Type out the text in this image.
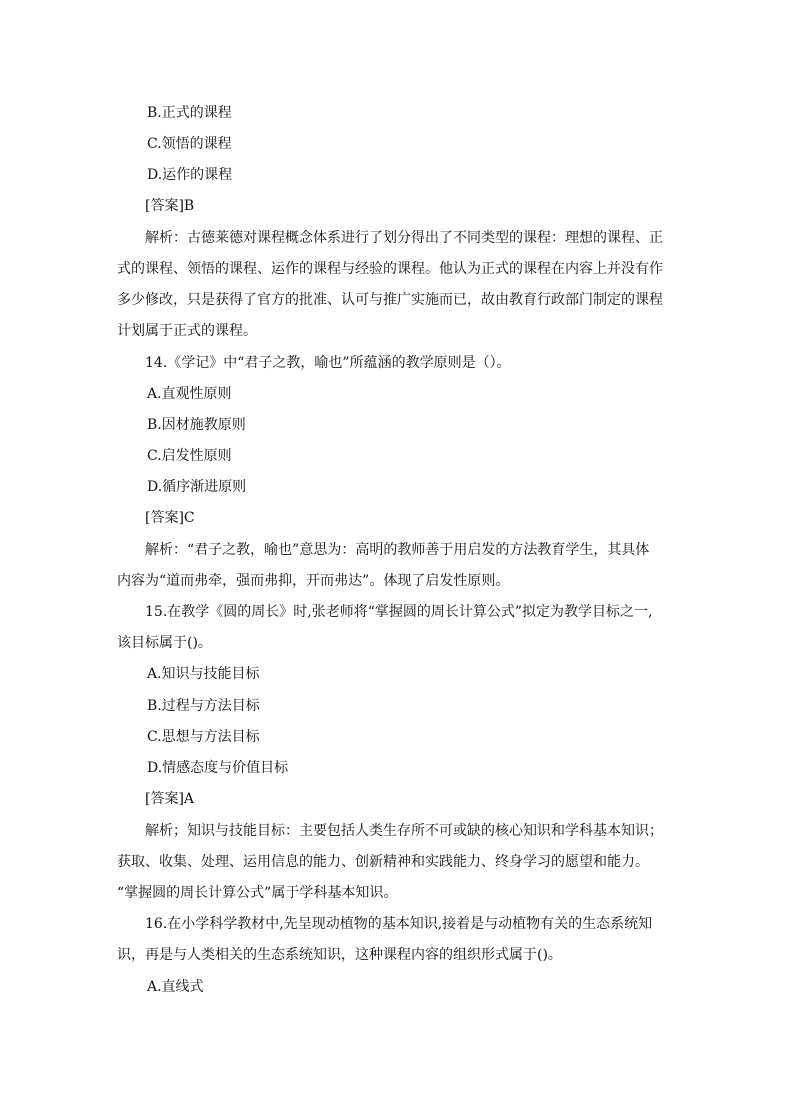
B.正式的课程
C.领悟的课程
D.运作的课程
[答案]B
解析：古德莱德对课程概念体系进行了划分得出了不同类型的课程：理想的课程、正
式的课程、领悟的课程、运作的课程与经验的课程。他认为正式的课程在内容上并没有作
多少修改，只是获得了官方的批准、认可与推广实施而已，故由教育行政部门制定的课程
计划属于正式的课程。
14.《学记》中“君子之教，喻也”所蕴涵的教学原则是（）。
A.直观性原则
B.因材施教原则
C.启发性原则
D.循序渐进原则
[答案]C
解析：“君子之教，喻也”意思为：高明的教师善于用启发的方法教育学生，其具体
内容为“道而弗牵，强而弗抑，开而弗达”。体现了启发性原则。
15.在教学《圆的周长》时,张老师将“掌握圆的周长计算公式”拟定为教学目标之一,
该目标属于()。
A.知识与技能目标
B.过程与方法目标
C.思想与方法目标
D.情感态度与价值目标
[答案]A
解析；知识与技能目标：主要包括人类生存所不可或缺的核心知识和学科基本知识；
获取、收集、处理、运用信息的能力、创新精神和实践能力、终身学习的愿望和能力。
“掌握圆的周长计算公式”属于学科基本知识。
16.在小学科学教材中,先呈现动植物的基本知识,接着是与动植物有关的生态系统知
识，再是与人类相关的生态系统知识，这种课程内容的组织形式属于()。
A.直线式
